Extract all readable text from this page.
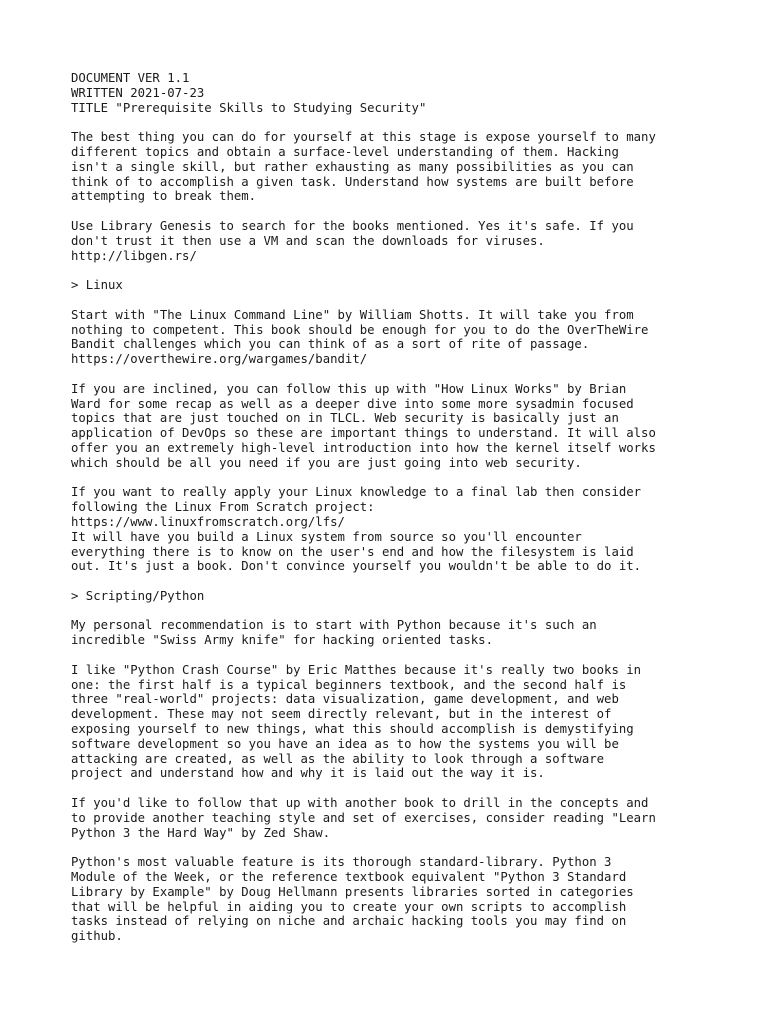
DOCUMENT VER 1.1
WRITTEN 2021-07-23
TITLE "Prerequisite Skills to Studying Security"
The best thing you can do for yourself at this stage is expose yourself to many
different topics and obtain a surface-level understanding of them. Hacking
isn't a single skill, but rather exhausting as many possibilities as you can
think of to accomplish a given task. Understand how systems are built before
attempting to break them.
Use Library Genesis to search for the books mentioned. Yes it's safe. If you
don't trust it then use a VM and scan the downloads for viruses.
http://libgen.rs/
> Linux
Start with "The Linux Command Line" by William Shotts. It will take you from
nothing to competent. This book should be enough for you to do the OverTheWire
Bandit challenges which you can think of as a sort of rite of passage.
https://overthewire.org/wargames/bandit/
If you are inclined, you can follow this up with "How Linux Works" by Brian
Ward for some recap as well as a deeper dive into some more sysadmin focused
topics that are just touched on in TLCL. Web security is basically just an
application of DevOps so these are important things to understand. It will also
offer you an extremely high-level introduction into how the kernel itself works
which should be all you need if you are just going into web security.
If you want to really apply your Linux knowledge to a final lab then consider
following the Linux From Scratch project:
https://www.linuxfromscratch.org/lfs/
It will have you build a Linux system from source so you'll encounter
everything there is to know on the user's end and how the filesystem is laid
out. It's just a book. Don't convince yourself you wouldn't be able to do it.
> Scripting/Python
My personal recommendation is to start with Python because it's such an
incredible "Swiss Army knife" for hacking oriented tasks.
I like "Python Crash Course" by Eric Matthes because it's really two books in
one: the first half is a typical beginners textbook, and the second half is
three "real-world" projects: data visualization, game development, and web
development. These may not seem directly relevant, but in the interest of
exposing yourself to new things, what this should accomplish is demystifying
software development so you have an idea as to how the systems you will be
attacking are created, as well as the ability to look through a software
project and understand how and why it is laid out the way it is.
If you'd like to follow that up with another book to drill in the concepts and
to provide another teaching style and set of exercises, consider reading "Learn
Python 3 the Hard Way" by Zed Shaw.
Python's most valuable feature is its thorough standard-library. Python 3
Module of the Week, or the reference textbook equivalent "Python 3 Standard
Library by Example" by Doug Hellmann presents libraries sorted in categories
that will be helpful in aiding you to create your own scripts to accomplish
tasks instead of relying on niche and archaic hacking tools you may find on
github.
